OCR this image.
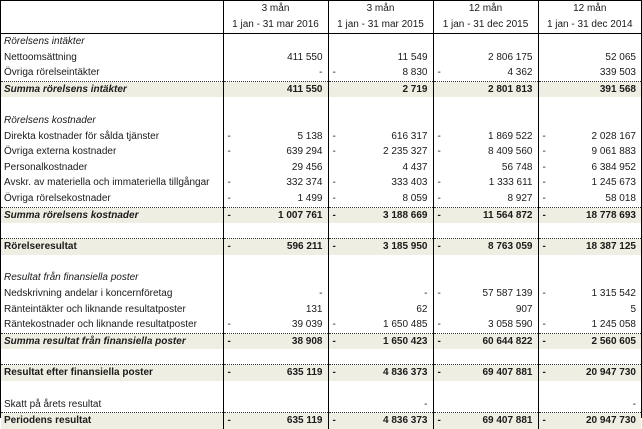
	3 mån	3 mån	12 mån	12 mån
	1 jan - 31 mar 2016	1 jan - 31 mar 2015	1 jan - 31 dec 2015	1 jan - 31 dec 2014
Rörelsens intäkter				
Nettoomsättning	411 550	11 549	2 806 175	52 065
Övriga rörelseintäkter	-	- 8 830	- 4 362	339 503
Summa rörelsens intäkter	411 550	2 719	2 801 813	391 568

Rörelsens kostnader				
Direkta kostnader för sålda tjänster	- 5 138	- 616 317	- 1 869 522	- 2 028 167
Övriga externa kostnader	- 639 294	- 2 235 327	- 8 409 560	- 9 061 883
Personalkostnader	29 456	4 437	56 748	- 6 384 952
Avskr. av materiella och immateriella tillgångar	- 332 374	- 333 403	- 1 333 611	- 1 245 673
Övriga rörelsekostnader	- 1 499	- 8 059	- 8 927	- 58 018
Summa rörelsens kostnader	- 1 007 761	- 3 188 669	- 11 564 872	- 18 778 693

Rörelseresultat	- 596 211	- 3 185 950	- 8 763 059	- 18 387 125

Resultat från finansiella poster				
Nedskrivning andelar i koncernföretag	-	-	- 57 587 139	- 1 315 542
Ränteintäkter och liknande resultatposter	131	62	907	5
Räntekostnader och liknande resultatposter	- 39 039	- 1 650 485	- 3 058 590	- 1 245 058
Summa resultat från finansiella poster	- 38 908	- 1 650 423	- 60 644 822	- 2 560 605

Resultat efter finansiella poster	- 635 119	- 4 836 373	- 69 407 881	- 20 947 730

Skatt på årets resultat		-		-
Periodens resultat	- 635 119	- 4 836 373	- 69 407 881	- 20 947 730
